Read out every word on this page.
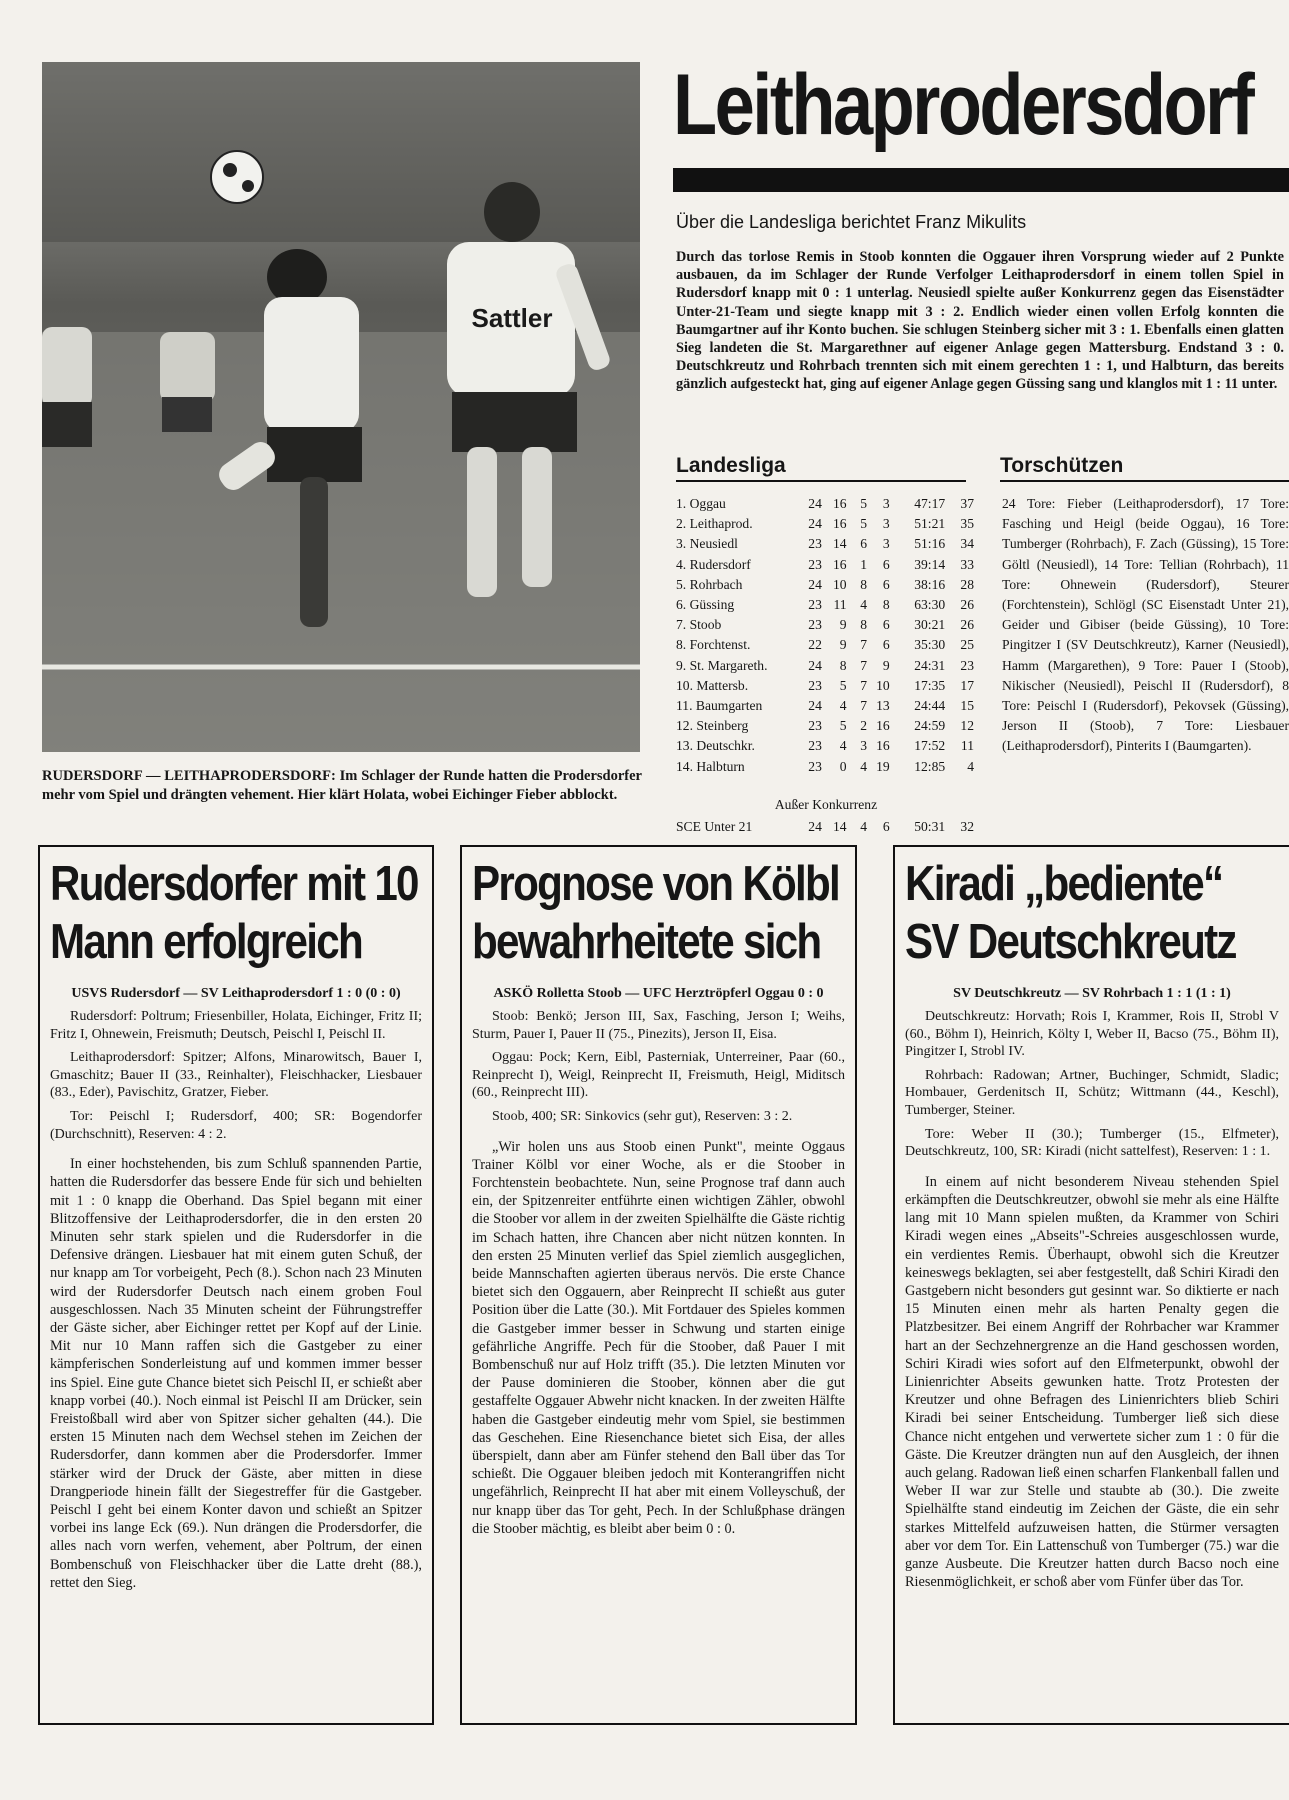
Sattler
RUDERSDORF — LEITHAPRODERSDORF: Im Schlager der Runde hatten die Prodersdorfer mehr vom Spiel und drängten vehement. Hier klärt Holata, wobei Eichinger Fieber abblockt.
Leithaprodersdorf
Über die Landesliga berichtet Franz Mikulits
Durch das torlose Remis in Stoob konnten die Oggauer ihren Vorsprung wieder auf 2 Punkte ausbauen, da im Schlager der Runde Verfolger Leithaprodersdorf in einem tollen Spiel in Rudersdorf knapp mit 0 : 1 unterlag. Neusiedl spielte außer Konkurrenz gegen das Eisenstädter Unter-21-Team und siegte knapp mit 3 : 2. Endlich wieder einen vollen Erfolg konnten die Baumgartner auf ihr Konto buchen. Sie schlugen Steinberg sicher mit 3 : 1. Ebenfalls einen glatten Sieg landeten die St. Margarethner auf eigener Anlage gegen Mattersburg. Endstand 3 : 0. Deutschkreutz und Rohrbach trennten sich mit einem gerechten 1 : 1, und Halbturn, das bereits gänzlich aufgesteckt hat, ging auf eigener Anlage gegen Güssing sang und klanglos mit 1 : 11 unter.
Landesliga
1. Oggau	24	16	5	3	47:17	37
2. Leithaprod.	24	16	5	3	51:21	35
3. Neusiedl	23	14	6	3	51:16	34
4. Rudersdorf	23	16	1	6	39:14	33
5. Rohrbach	24	10	8	6	38:16	28
6. Güssing	23	11	4	8	63:30	26
7. Stoob	23	9	8	6	30:21	26
8. Forchtenst.	22	9	7	6	35:30	25
9. St. Margareth.	24	8	7	9	24:31	23
10. Mattersb.	23	5	7	10	17:35	17
11. Baumgarten	24	4	7	13	24:44	15
12. Steinberg	23	5	2	16	24:59	12
13. Deutschkr.	23	4	3	16	17:52	11
14. Halbturn	23	0	4	19	12:85	4
Außer Konkurrenz
SCE Unter 21	24	14	4	6	50:31	32
Torschützen
24 Tore: Fieber (Leithaprodersdorf), 17 Tore: Fasching und Heigl (beide Oggau), 16 Tore: Tumberger (Rohrbach), F. Zach (Güssing), 15 Tore: Göltl (Neusiedl), 14 Tore: Tellian (Rohrbach), 11 Tore: Ohnewein (Rudersdorf), Steurer (Forchtenstein), Schlögl (SC Eisenstadt Unter 21), Geider und Gibiser (beide Güssing), 10 Tore: Pingitzer I (SV Deutschkreutz), Karner (Neusiedl), Hamm (Margarethen), 9 Tore: Pauer I (Stoob), Nikischer (Neusiedl), Peischl II (Rudersdorf), 8 Tore: Peischl I (Rudersdorf), Pekovsek (Güssing), Jerson II (Stoob), 7 Tore: Liesbauer (Leithaprodersdorf), Pinterits I (Baumgarten).
Rudersdorfer mit 10
Mann erfolgreich
USVS Rudersdorf — SV Leithaprodersdorf 1 : 0 (0 : 0)
Rudersdorf: Poltrum; Friesenbiller, Holata, Eichinger, Fritz II; Fritz I, Ohnewein, Freismuth; Deutsch, Peischl I, Peischl II.
Leithaprodersdorf: Spitzer; Alfons, Minarowitsch, Bauer I, Gmaschitz; Bauer II (33., Reinhalter), Fleischhacker, Liesbauer (83., Eder), Pavischitz, Gratzer, Fieber.
Tor: Peischl I; Rudersdorf, 400; SR: Bogendorfer (Durchschnitt), Reserven: 4 : 2.
In einer hochstehenden, bis zum Schluß spannenden Partie, hatten die Rudersdorfer das bessere Ende für sich und behielten mit 1 : 0 knapp die Oberhand. Das Spiel begann mit einer Blitzoffensive der Leithaprodersdorfer, die in den ersten 20 Minuten sehr stark spielen und die Rudersdorfer in die Defensive drängen. Liesbauer hat mit einem guten Schuß, der nur knapp am Tor vorbeigeht, Pech (8.). Schon nach 23 Minuten wird der Rudersdorfer Deutsch nach einem groben Foul ausgeschlossen. Nach 35 Minuten scheint der Führungstreffer der Gäste sicher, aber Eichinger rettet per Kopf auf der Linie. Mit nur 10 Mann raffen sich die Gastgeber zu einer kämpferischen Sonderleistung auf und kommen immer besser ins Spiel. Eine gute Chance bietet sich Peischl II, er schießt aber knapp vorbei (40.). Noch einmal ist Peischl II am Drücker, sein Freistoßball wird aber von Spitzer sicher gehalten (44.). Die ersten 15 Minuten nach dem Wechsel stehen im Zeichen der Rudersdorfer, dann kommen aber die Prodersdorfer. Immer stärker wird der Druck der Gäste, aber mitten in diese Drangperiode hinein fällt der Siegestreffer für die Gastgeber. Peischl I geht bei einem Konter davon und schießt an Spitzer vorbei ins lange Eck (69.). Nun drängen die Prodersdorfer, die alles nach vorn werfen, vehement, aber Poltrum, der einen Bombenschuß von Fleischhacker über die Latte dreht (88.), rettet den Sieg.
Prognose von Kölbl
bewahrheitete sich
ASKÖ Rolletta Stoob — UFC Herztröpferl Oggau 0 : 0
Stoob: Benkö; Jerson III, Sax, Fasching, Jerson I; Weihs, Sturm, Pauer I, Pauer II (75., Pinezits), Jerson II, Eisa.
Oggau: Pock; Kern, Eibl, Pasterniak, Unterreiner, Paar (60., Reinprecht I), Weigl, Reinprecht II, Freismuth, Heigl, Miditsch (60., Reinprecht III).
Stoob, 400; SR: Sinkovics (sehr gut), Reserven: 3 : 2.
„Wir holen uns aus Stoob einen Punkt", meinte Oggaus Trainer Kölbl vor einer Woche, als er die Stoober in Forchtenstein beobachtete. Nun, seine Prognose traf dann auch ein, der Spitzenreiter entführte einen wichtigen Zähler, obwohl die Stoober vor allem in der zweiten Spielhälfte die Gäste richtig im Schach hatten, ihre Chancen aber nicht nützen konnten. In den ersten 25 Minuten verlief das Spiel ziemlich ausgeglichen, beide Mannschaften agierten überaus nervös. Die erste Chance bietet sich den Oggauern, aber Reinprecht II schießt aus guter Position über die Latte (30.). Mit Fortdauer des Spieles kommen die Gastgeber immer besser in Schwung und starten einige gefährliche Angriffe. Pech für die Stoober, daß Pauer I mit Bombenschuß nur auf Holz trifft (35.). Die letzten Minuten vor der Pause dominieren die Stoober, können aber die gut gestaffelte Oggauer Abwehr nicht knacken. In der zweiten Hälfte haben die Gastgeber eindeutig mehr vom Spiel, sie bestimmen das Geschehen. Eine Riesenchance bietet sich Eisa, der alles überspielt, dann aber am Fünfer stehend den Ball über das Tor schießt. Die Oggauer bleiben jedoch mit Konterangriffen nicht ungefährlich, Reinprecht II hat aber mit einem Volleyschuß, der nur knapp über das Tor geht, Pech. In der Schlußphase drängen die Stoober mächtig, es bleibt aber beim 0 : 0.
Kiradi „bediente“
SV Deutschkreutz
SV Deutschkreutz — SV Rohrbach 1 : 1 (1 : 1)
Deutschkreutz: Horvath; Rois I, Krammer, Rois II, Strobl V (60., Böhm I), Heinrich, Költy I, Weber II, Bacso (75., Böhm II), Pingitzer I, Strobl IV.
Rohrbach: Radowan; Artner, Buchinger, Schmidt, Sladic; Hombauer, Gerdenitsch II, Schütz; Wittmann (44., Keschl), Tumberger, Steiner.
Tore: Weber II (30.); Tumberger (15., Elfmeter), Deutschkreutz, 100, SR: Kiradi (nicht sattelfest), Reserven: 1 : 1.
In einem auf nicht besonderem Niveau stehenden Spiel erkämpften die Deutschkreutzer, obwohl sie mehr als eine Hälfte lang mit 10 Mann spielen mußten, da Krammer von Schiri Kiradi wegen eines „Abseits"-Schreies ausgeschlossen wurde, ein verdientes Remis. Überhaupt, obwohl sich die Kreutzer keineswegs beklagten, sei aber festgestellt, daß Schiri Kiradi den Gastgebern nicht besonders gut gesinnt war. So diktierte er nach 15 Minuten einen mehr als harten Penalty gegen die Platzbesitzer. Bei einem Angriff der Rohrbacher war Krammer hart an der Sechzehnergrenze an die Hand geschossen worden, Schiri Kiradi wies sofort auf den Elfmeterpunkt, obwohl der Linienrichter Abseits gewunken hatte. Trotz Protesten der Kreutzer und ohne Befragen des Linienrichters blieb Schiri Kiradi bei seiner Entscheidung. Tumberger ließ sich diese Chance nicht entgehen und verwertete sicher zum 1 : 0 für die Gäste. Die Kreutzer drängten nun auf den Ausgleich, der ihnen auch gelang. Radowan ließ einen scharfen Flankenball fallen und Weber II war zur Stelle und staubte ab (30.). Die zweite Spielhälfte stand eindeutig im Zeichen der Gäste, die ein sehr starkes Mittelfeld aufzuweisen hatten, die Stürmer versagten aber vor dem Tor. Ein Lattenschuß von Tumberger (75.) war die ganze Ausbeute. Die Kreutzer hatten durch Bacso noch eine Riesenmöglichkeit, er schoß aber vom Fünfer über das Tor.
